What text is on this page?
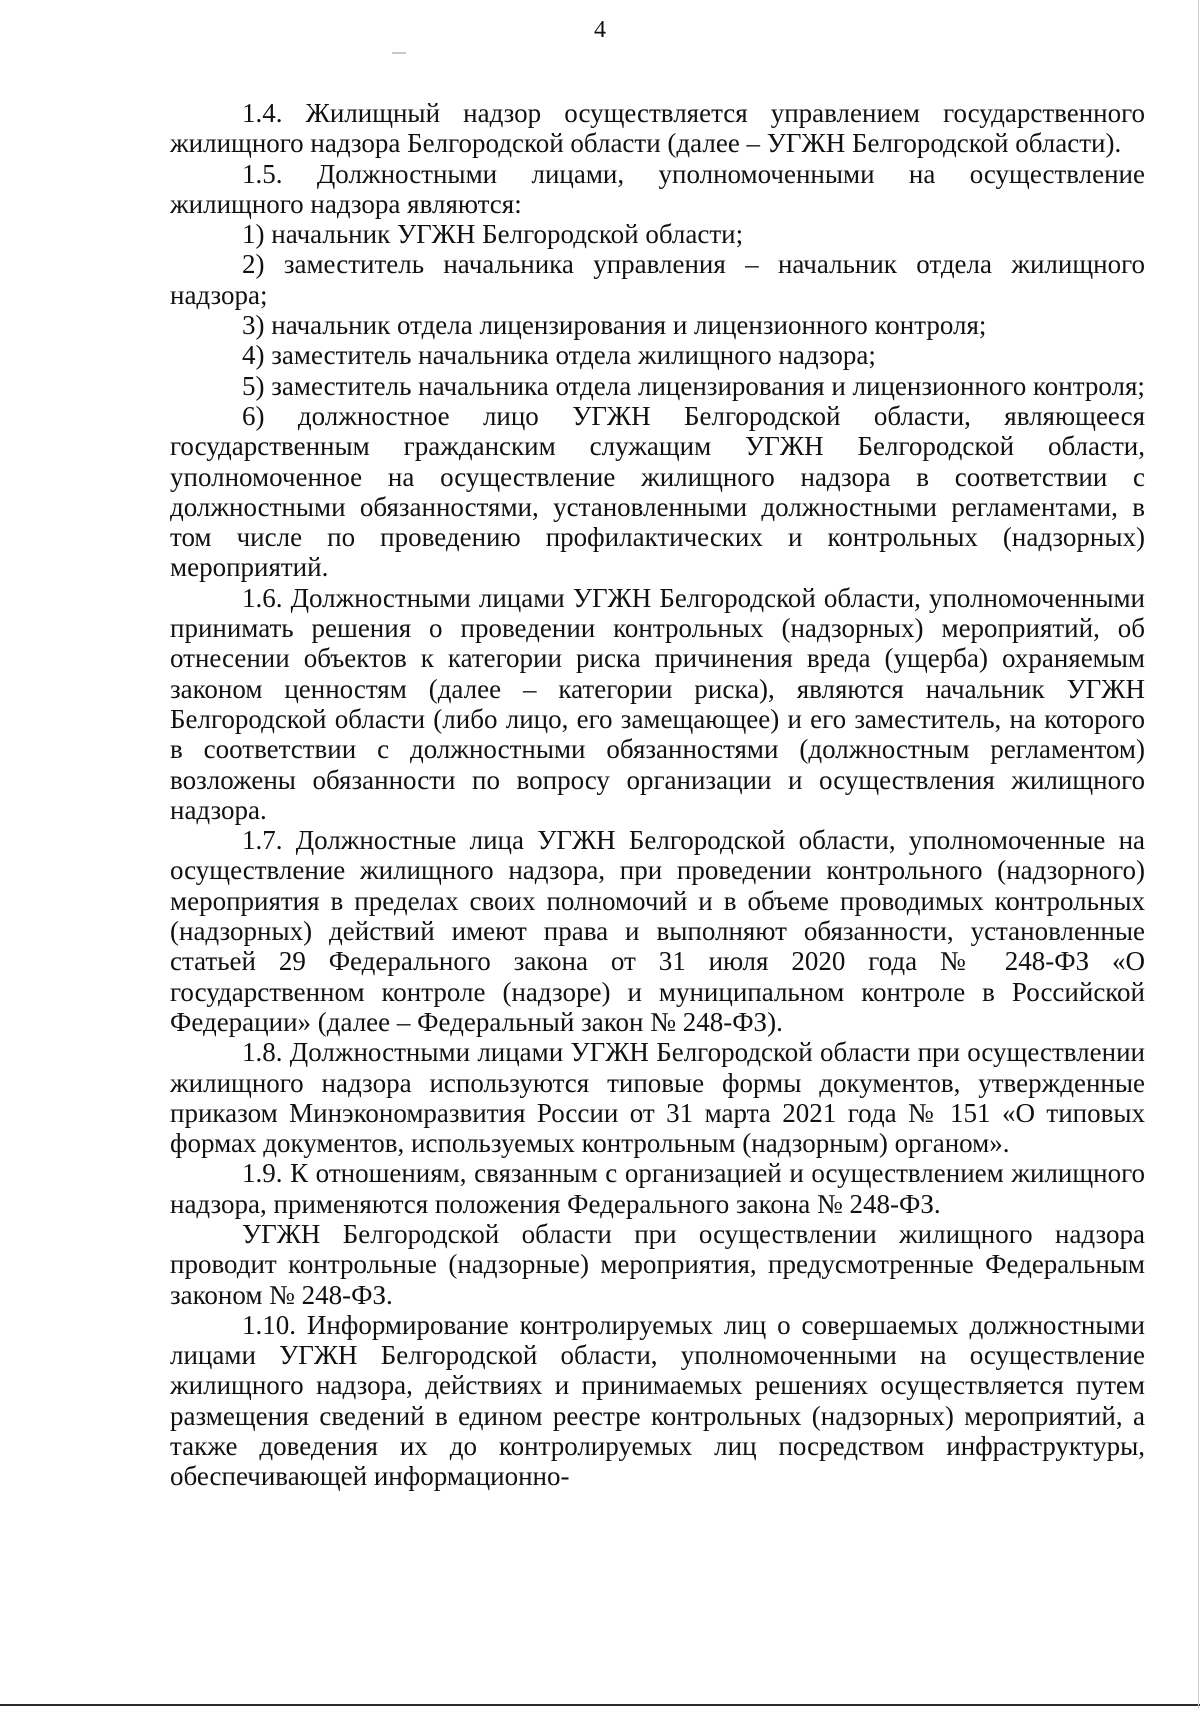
4

1.4. Жилищный надзор осуществляется управлением государственного жилищного надзора Белгородской области (далее – УГЖН Белгородской области).

1.5. Должностными лицами, уполномоченными на осуществление жилищного надзора являются:

1) начальник УГЖН Белгородской области;

2) заместитель начальника управления – начальник отдела жилищного надзора;

3) начальник отдела лицензирования и лицензионного контроля;

4) заместитель начальника отдела жилищного надзора;

5) заместитель начальника отдела лицензирования и лицензионного контроля;

6) должностное лицо УГЖН Белгородской области, являющееся государственным гражданским служащим УГЖН Белгородской области, уполномоченное на осуществление жилищного надзора в соответствии с должностными обязанностями, установленными должностными регламентами, в том числе по проведению профилактических и контрольных (надзорных) мероприятий.

1.6. Должностными лицами УГЖН Белгородской области, уполномоченными принимать решения о проведении контрольных (надзорных) мероприятий, об отнесении объектов к категории риска причинения вреда (ущерба) охраняемым законом ценностям (далее – категории риска), являются начальник УГЖН Белгородской области (либо лицо, его замещающее) и его заместитель, на которого в соответствии с должностными обязанностями (должностным регламентом) возложены обязанности по вопросу организации и осуществления жилищного надзора.

1.7. Должностные лица УГЖН Белгородской области, уполномоченные на осуществление жилищного надзора, при проведении контрольного (надзорного) мероприятия в пределах своих полномочий и в объеме проводимых контрольных (надзорных) действий имеют права и выполняют обязанности, установленные статьей 29 Федерального закона от 31 июля 2020 года № 248-ФЗ «О государственном контроле (надзоре) и муниципальном контроле в Российской Федерации» (далее – Федеральный закон № 248-ФЗ).

1.8. Должностными лицами УГЖН Белгородской области при осуществлении жилищного надзора используются типовые формы документов, утвержденные приказом Минэкономразвития России от 31 марта 2021 года № 151 «О типовых формах документов, используемых контрольным (надзорным) органом».

1.9. К отношениям, связанным с организацией и осуществлением жилищного надзора, применяются положения Федерального закона № 248-ФЗ.

УГЖН Белгородской области при осуществлении жилищного надзора проводит контрольные (надзорные) мероприятия, предусмотренные Федеральным законом № 248-ФЗ.

1.10. Информирование контролируемых лиц о совершаемых должностными лицами УГЖН Белгородской области, уполномоченными на осуществление жилищного надзора, действиях и принимаемых решениях осуществляется путем размещения сведений в едином реестре контрольных (надзорных) мероприятий, а также доведения их до контролируемых лиц посредством инфраструктуры, обеспечивающей информационно-
